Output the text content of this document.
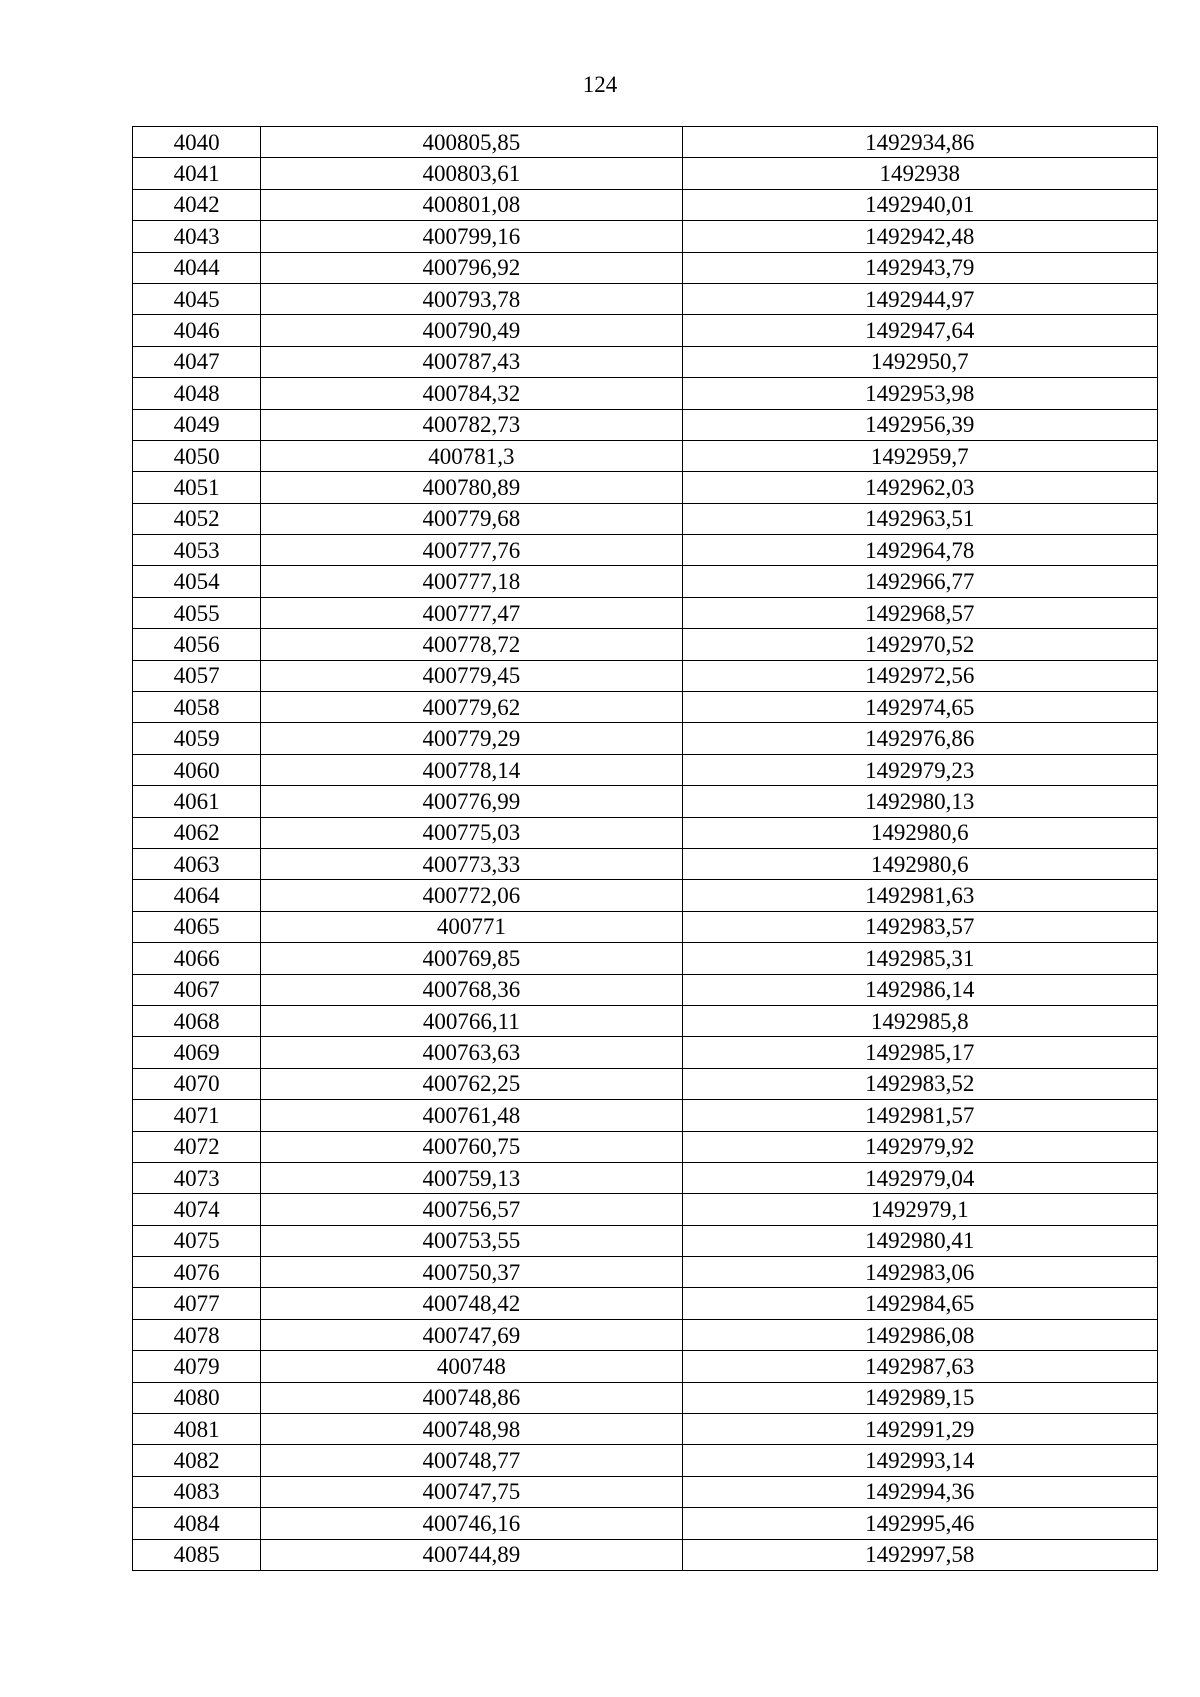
124
4040	400805,85	1492934,86
4041	400803,61	1492938
4042	400801,08	1492940,01
4043	400799,16	1492942,48
4044	400796,92	1492943,79
4045	400793,78	1492944,97
4046	400790,49	1492947,64
4047	400787,43	1492950,7
4048	400784,32	1492953,98
4049	400782,73	1492956,39
4050	400781,3	1492959,7
4051	400780,89	1492962,03
4052	400779,68	1492963,51
4053	400777,76	1492964,78
4054	400777,18	1492966,77
4055	400777,47	1492968,57
4056	400778,72	1492970,52
4057	400779,45	1492972,56
4058	400779,62	1492974,65
4059	400779,29	1492976,86
4060	400778,14	1492979,23
4061	400776,99	1492980,13
4062	400775,03	1492980,6
4063	400773,33	1492980,6
4064	400772,06	1492981,63
4065	400771	1492983,57
4066	400769,85	1492985,31
4067	400768,36	1492986,14
4068	400766,11	1492985,8
4069	400763,63	1492985,17
4070	400762,25	1492983,52
4071	400761,48	1492981,57
4072	400760,75	1492979,92
4073	400759,13	1492979,04
4074	400756,57	1492979,1
4075	400753,55	1492980,41
4076	400750,37	1492983,06
4077	400748,42	1492984,65
4078	400747,69	1492986,08
4079	400748	1492987,63
4080	400748,86	1492989,15
4081	400748,98	1492991,29
4082	400748,77	1492993,14
4083	400747,75	1492994,36
4084	400746,16	1492995,46
4085	400744,89	1492997,58
